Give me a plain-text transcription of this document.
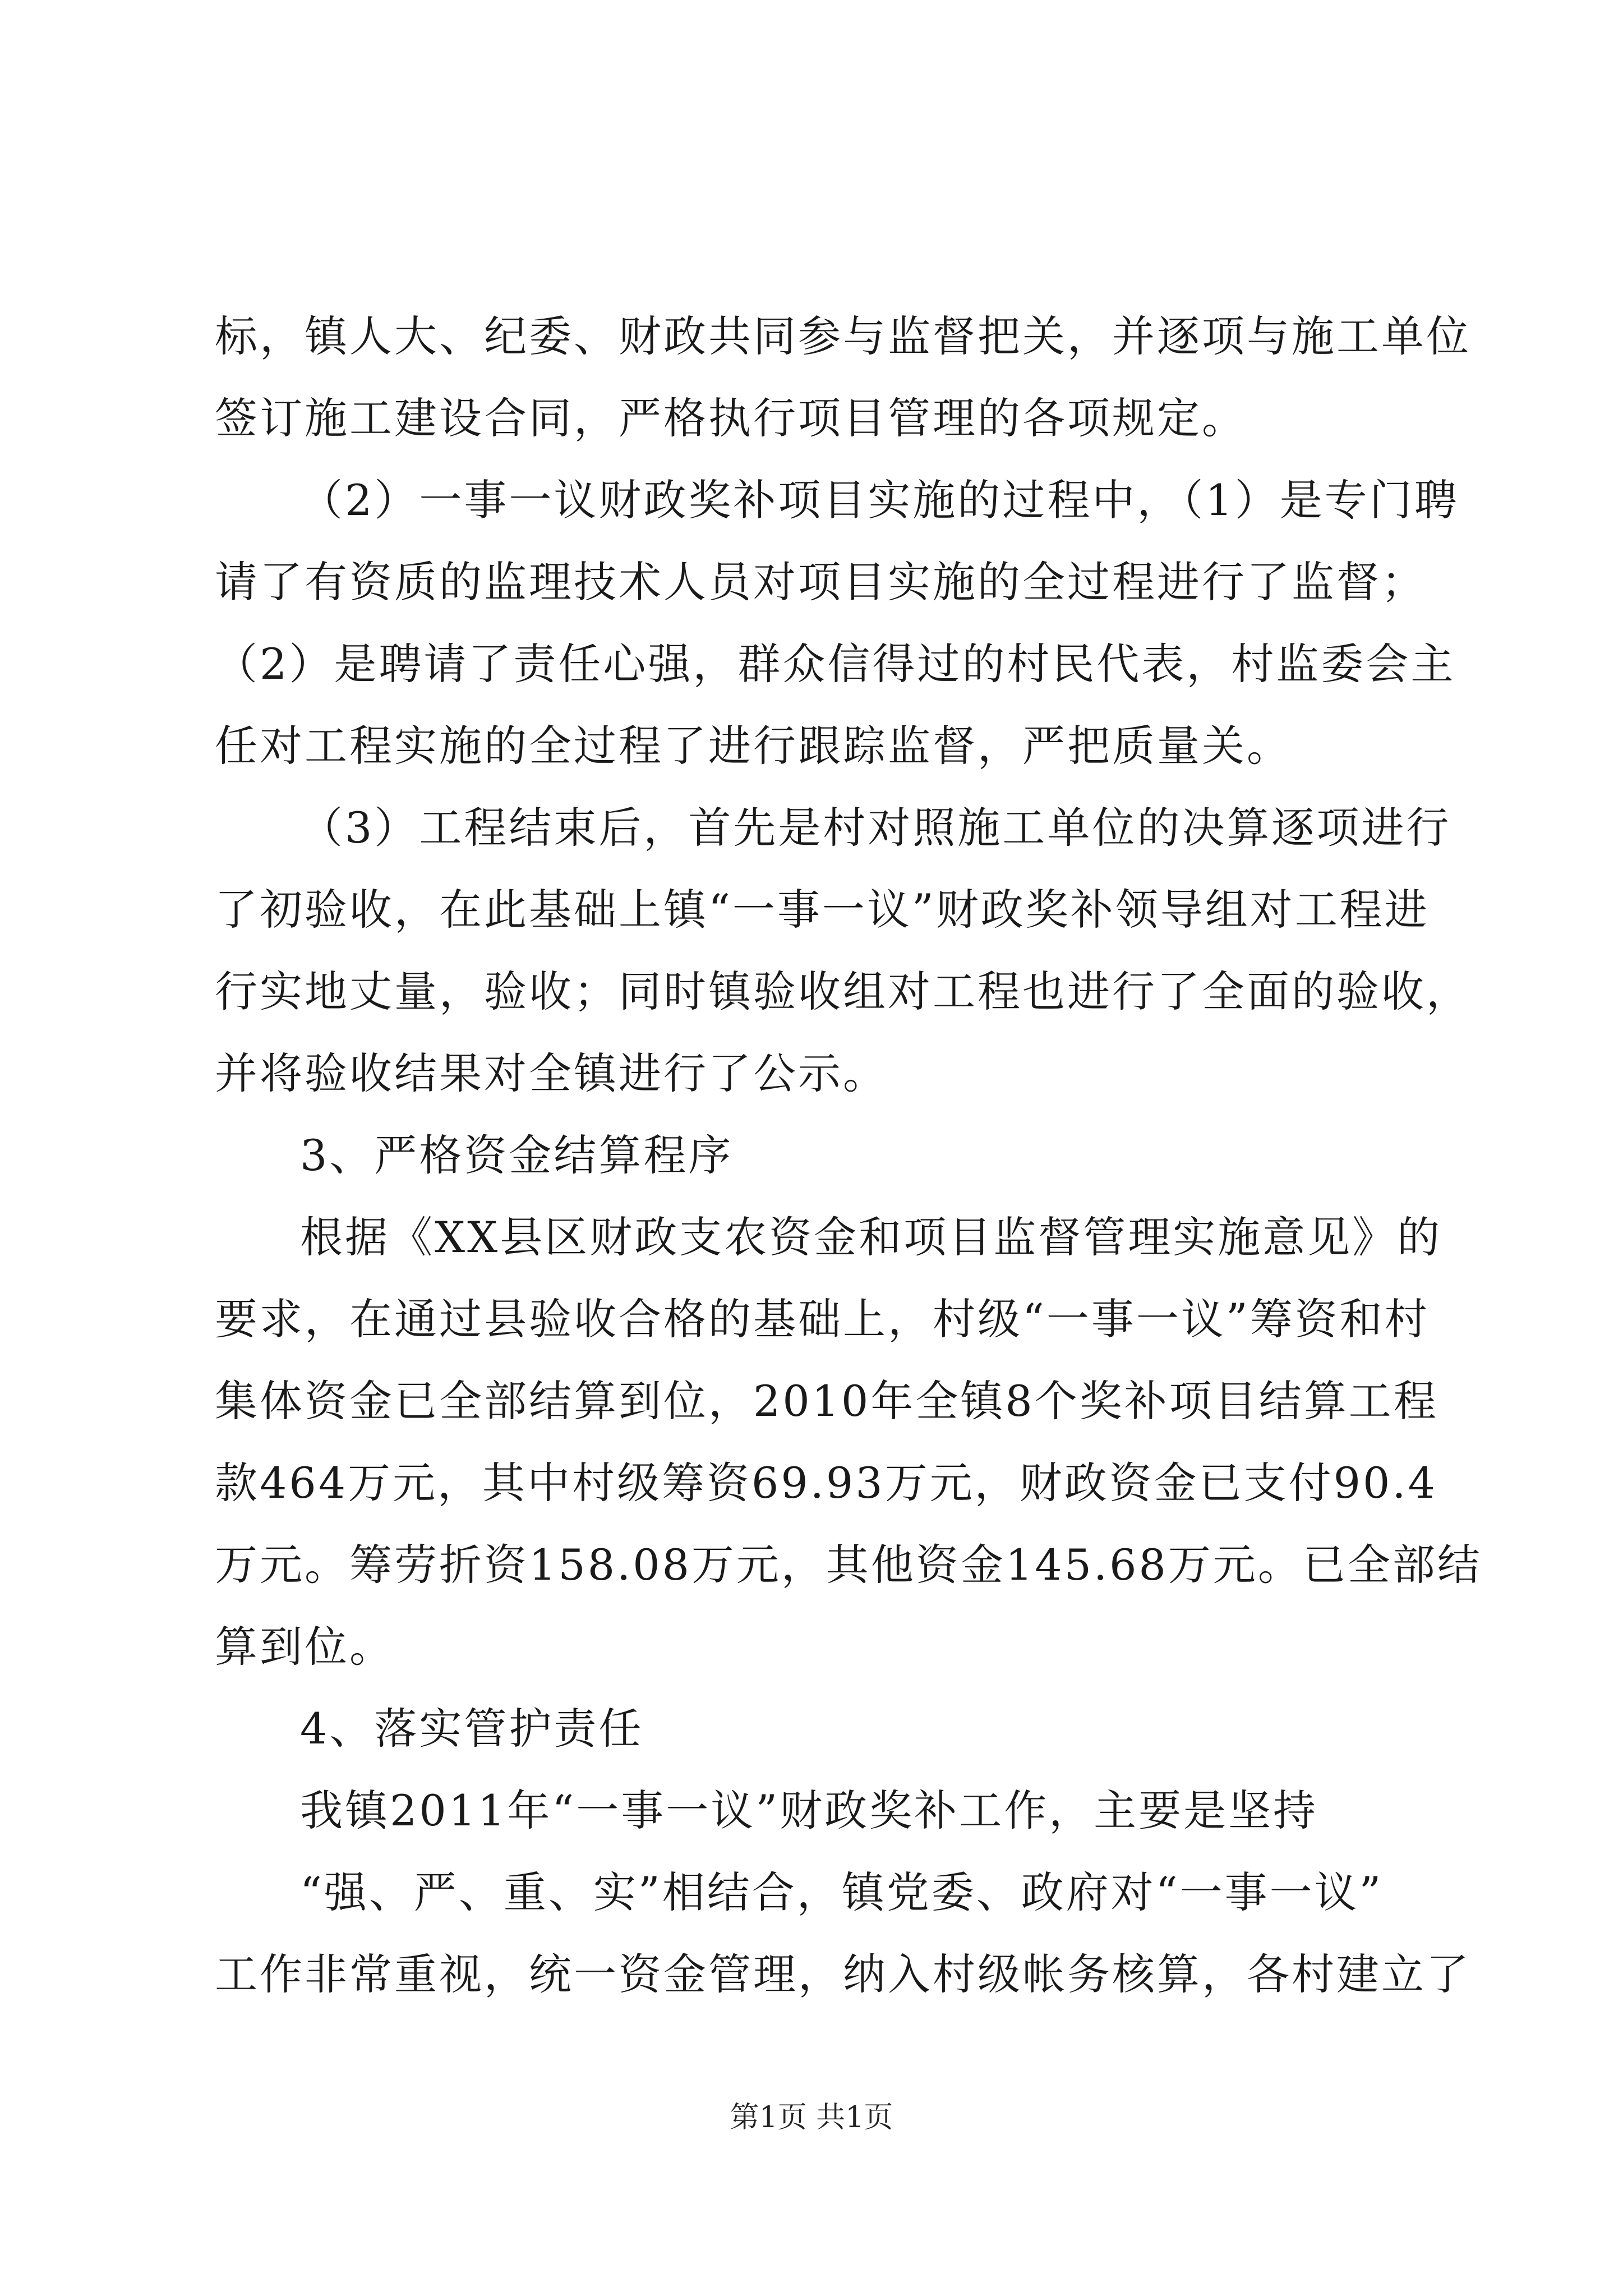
标，镇人大、纪委、财政共同参与监督把关，并逐项与施工单位
签订施工建设合同，严格执行项目管理的各项规定。
（2）一事一议财政奖补项目实施的过程中，（1）是专门聘
请了有资质的监理技术人员对项目实施的全过程进行了监督；
（2）是聘请了责任心强，群众信得过的村民代表，村监委会主
任对工程实施的全过程了进行跟踪监督，严把质量关。
（3）工程结束后，首先是村对照施工单位的决算逐项进行
了初验收，在此基础上镇“一事一议”财政奖补领导组对工程进
行实地丈量，验收；同时镇验收组对工程也进行了全面的验收，
并将验收结果对全镇进行了公示。
3、严格资金结算程序
根据《XX县区财政支农资金和项目监督管理实施意见》的
要求，在通过县验收合格的基础上，村级“一事一议”筹资和村
集体资金已全部结算到位，2010年全镇8个奖补项目结算工程
款464万元，其中村级筹资69.93万元，财政资金已支付90.4
万元。筹劳折资158.08万元，其他资金145.68万元。已全部结
算到位。
4、落实管护责任
我镇2011年“一事一议”财政奖补工作，主要是坚持
“强、严、重、实”相结合，镇党委、政府对“一事一议”
工作非常重视，统一资金管理，纳入村级帐务核算，各村建立了
第1页 共1页
